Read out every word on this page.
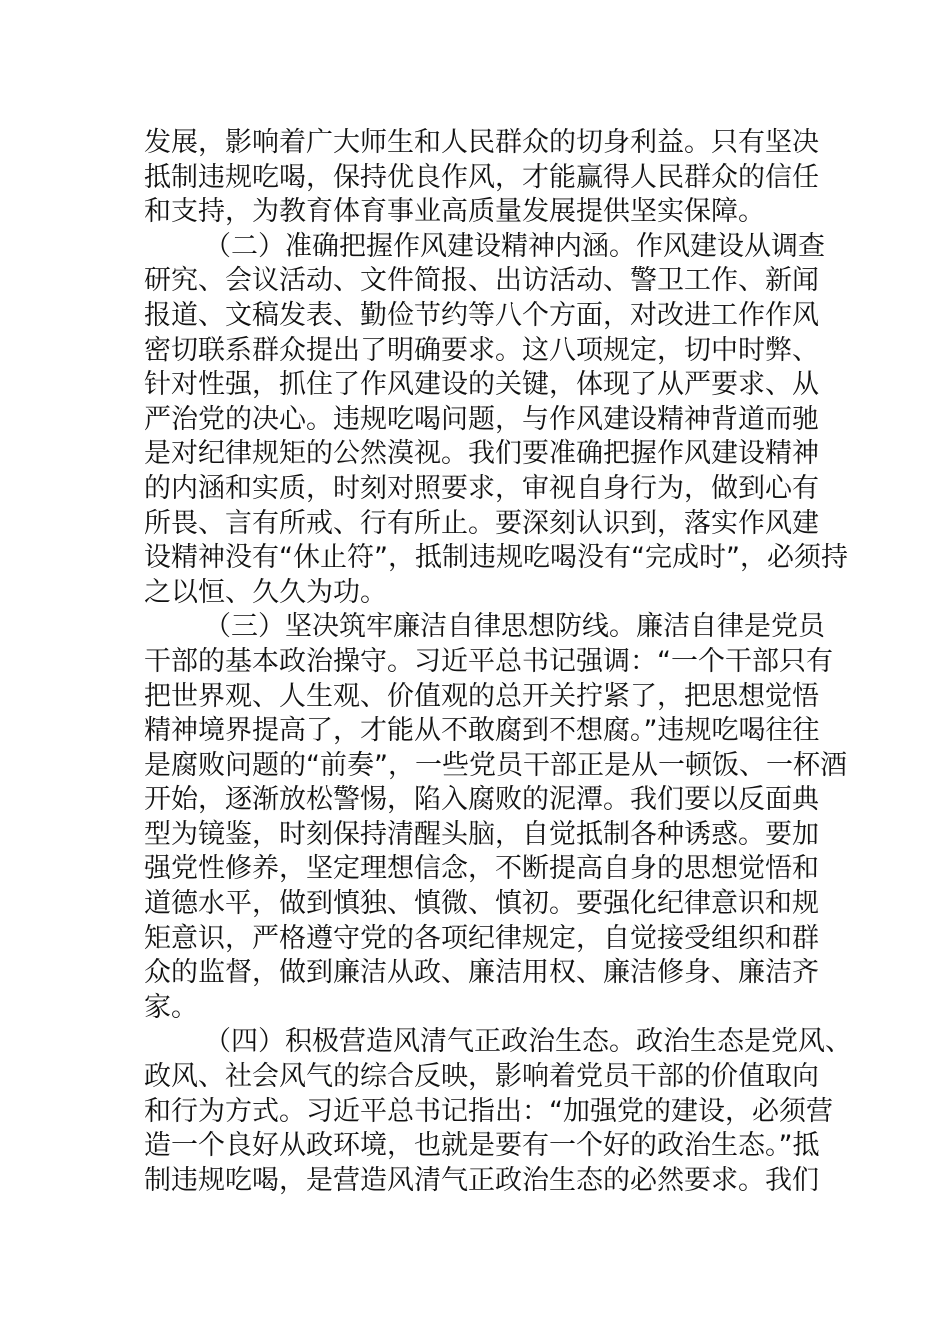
发展，影响着广大师生和人民群众的切身利益。只有坚决
抵制违规吃喝，保持优良作风，才能赢得人民群众的信任
和支持，为教育体育事业高质量发展提供坚实保障。
（二）准确把握作风建设精神内涵。作风建设从调查
研究、会议活动、文件简报、出访活动、警卫工作、新闻
报道、文稿发表、勤俭节约等八个方面，对改进工作作风
密切联系群众提出了明确要求。这八项规定，切中时弊、
针对性强，抓住了作风建设的关键，体现了从严要求、从
严治党的决心。违规吃喝问题，与作风建设精神背道而驰
是对纪律规矩的公然漠视。我们要准确把握作风建设精神
的内涵和实质，时刻对照要求，审视自身行为，做到心有
所畏、言有所戒、行有所止。要深刻认识到，落实作风建
设精神没有“休止符”，抵制违规吃喝没有“完成时”，必须持
之以恒、久久为功。
（三）坚决筑牢廉洁自律思想防线。廉洁自律是党员
干部的基本政治操守。习近平总书记强调：“一个干部只有
把世界观、人生观、价值观的总开关拧紧了，把思想觉悟
精神境界提高了，才能从不敢腐到不想腐。”违规吃喝往往
是腐败问题的“前奏”，一些党员干部正是从一顿饭、一杯酒
开始，逐渐放松警惕，陷入腐败的泥潭。我们要以反面典
型为镜鉴，时刻保持清醒头脑，自觉抵制各种诱惑。要加
强党性修养，坚定理想信念，不断提高自身的思想觉悟和
道德水平，做到慎独、慎微、慎初。要强化纪律意识和规
矩意识，严格遵守党的各项纪律规定，自觉接受组织和群
众的监督，做到廉洁从政、廉洁用权、廉洁修身、廉洁齐
家。
（四）积极营造风清气正政治生态。政治生态是党风、
政风、社会风气的综合反映，影响着党员干部的价值取向
和行为方式。习近平总书记指出：“加强党的建设，必须营
造一个良好从政环境，也就是要有一个好的政治生态。”抵
制违规吃喝，是营造风清气正政治生态的必然要求。我们
